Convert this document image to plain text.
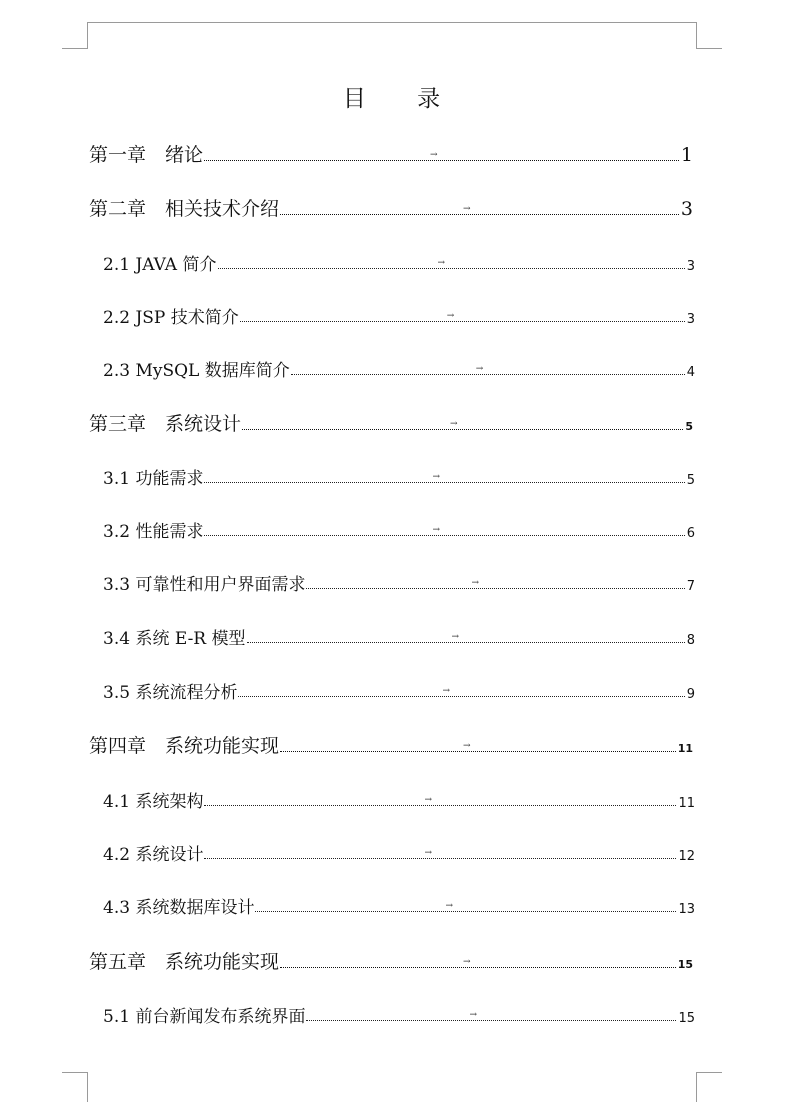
目 录
第一章　绪论	→	1
第二章　相关技术介绍	→	3
2.1 JAVA 简介	→	3
2.2 JSP 技术简介	→	3
2.3 MySQL 数据库简介	→	4
第三章　系统设计	→	5
3.1 功能需求	→	5
3.2 性能需求	→	6
3.3 可靠性和用户界面需求	→	7
3.4 系统 E-R 模型	→	8
3.5 系统流程分析	→	9
第四章　系统功能实现	→	11
4.1 系统架构	→	11
4.2 系统设计	→	12
4.3 系统数据库设计	→	13
第五章　系统功能实现	→	15
5.1 前台新闻发布系统界面	→	15
